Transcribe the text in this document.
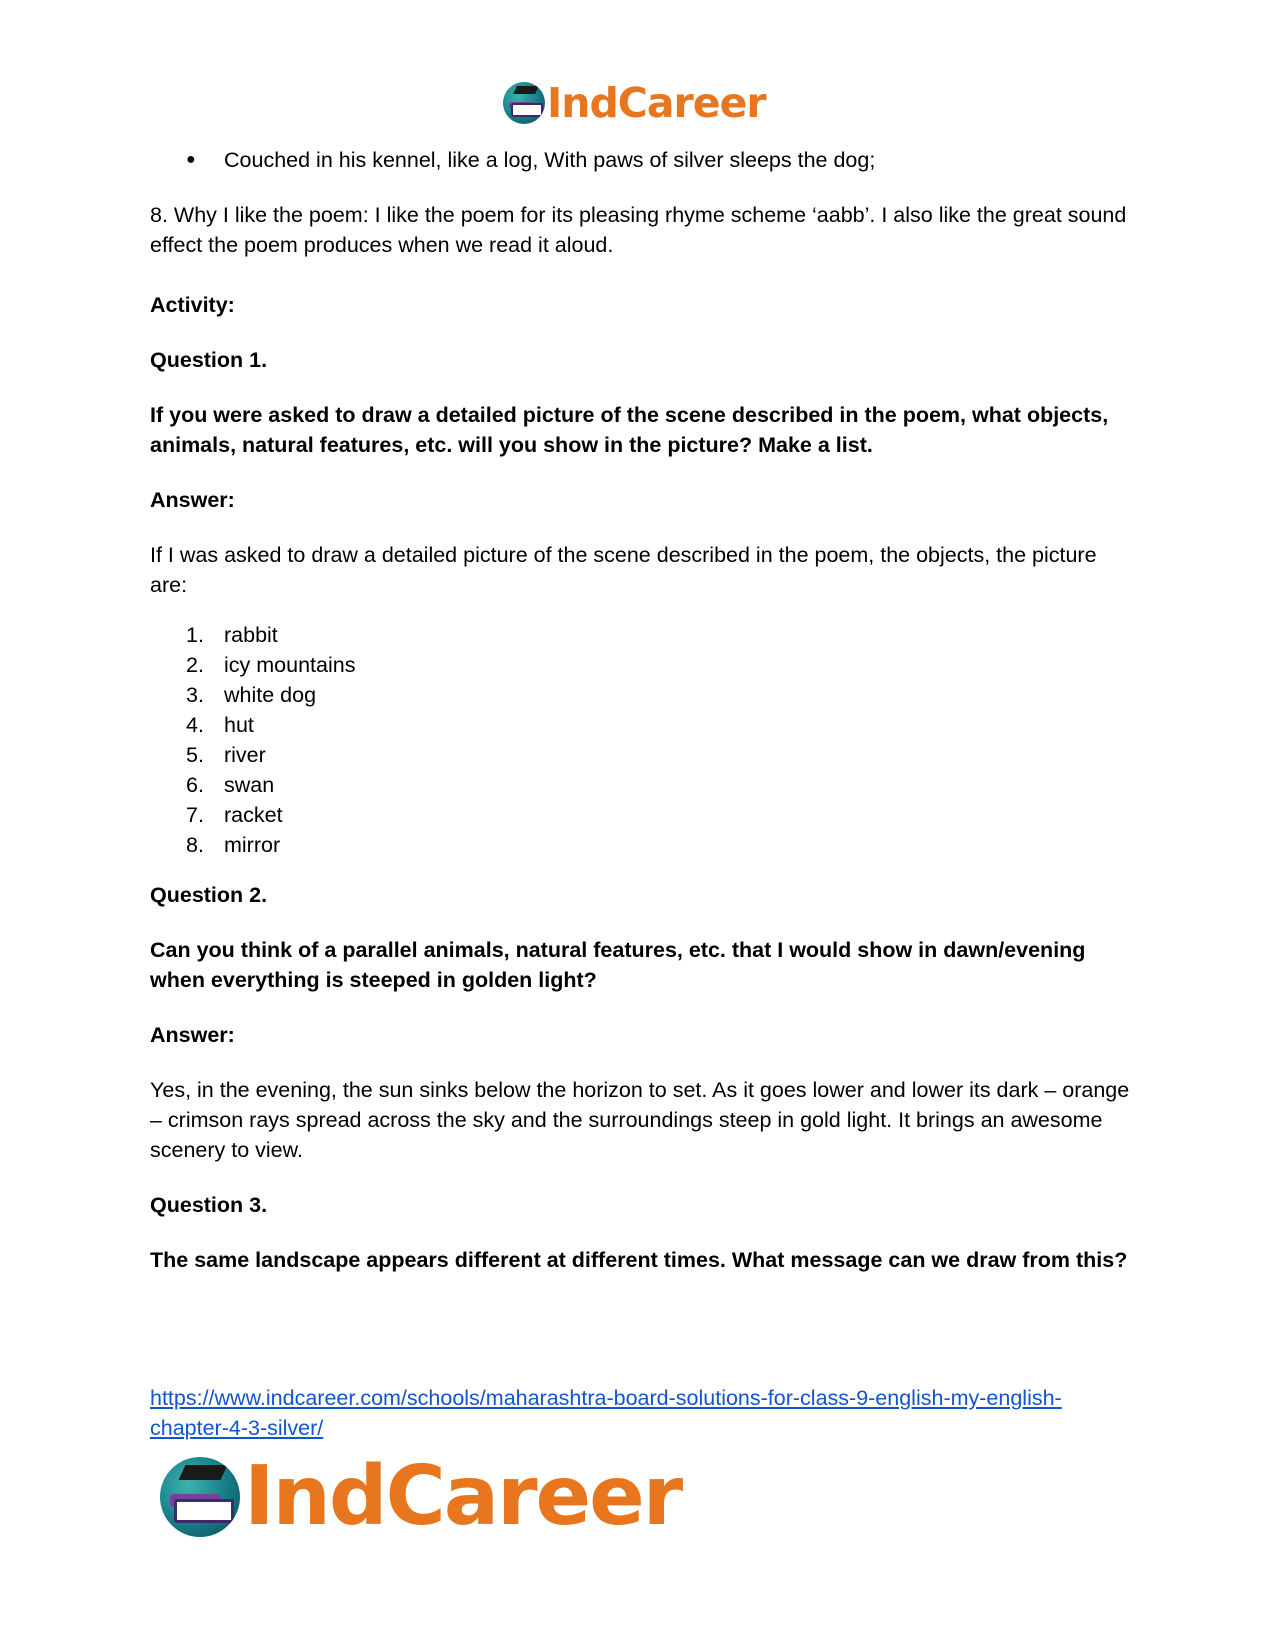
IndCareer
●	Couched in his kennel, like a log, With paws of silver sleeps the dog;

8. Why I like the poem: I like the poem for its pleasing rhyme scheme ‘aabb’. I also like the great sound effect the poem produces when we read it aloud.

Activity:

Question 1.

If you were asked to draw a detailed picture of the scene described in the poem, what objects, animals, natural features, etc. will you show in the picture? Make a list.

Answer:

If I was asked to draw a detailed picture of the scene described in the poem, the objects, the picture are:

1. rabbit
2. icy mountains
3. white dog
4. hut
5. river
6. swan
7. racket
8. mirror

Question 2.

Can you think of a parallel animals, natural features, etc. that I would show in dawn/evening when everything is steeped in golden light?

Answer:

Yes, in the evening, the sun sinks below the horizon to set. As it goes lower and lower its dark – orange – crimson rays spread across the sky and the surroundings steep in gold light. It brings an awesome scenery to view.

Question 3.

The same landscape appears different at different times. What message can we draw from this?

https://www.indcareer.com/schools/maharashtra-board-solutions-for-class-9-english-my-english-chapter-4-3-silver/
IndCareer
